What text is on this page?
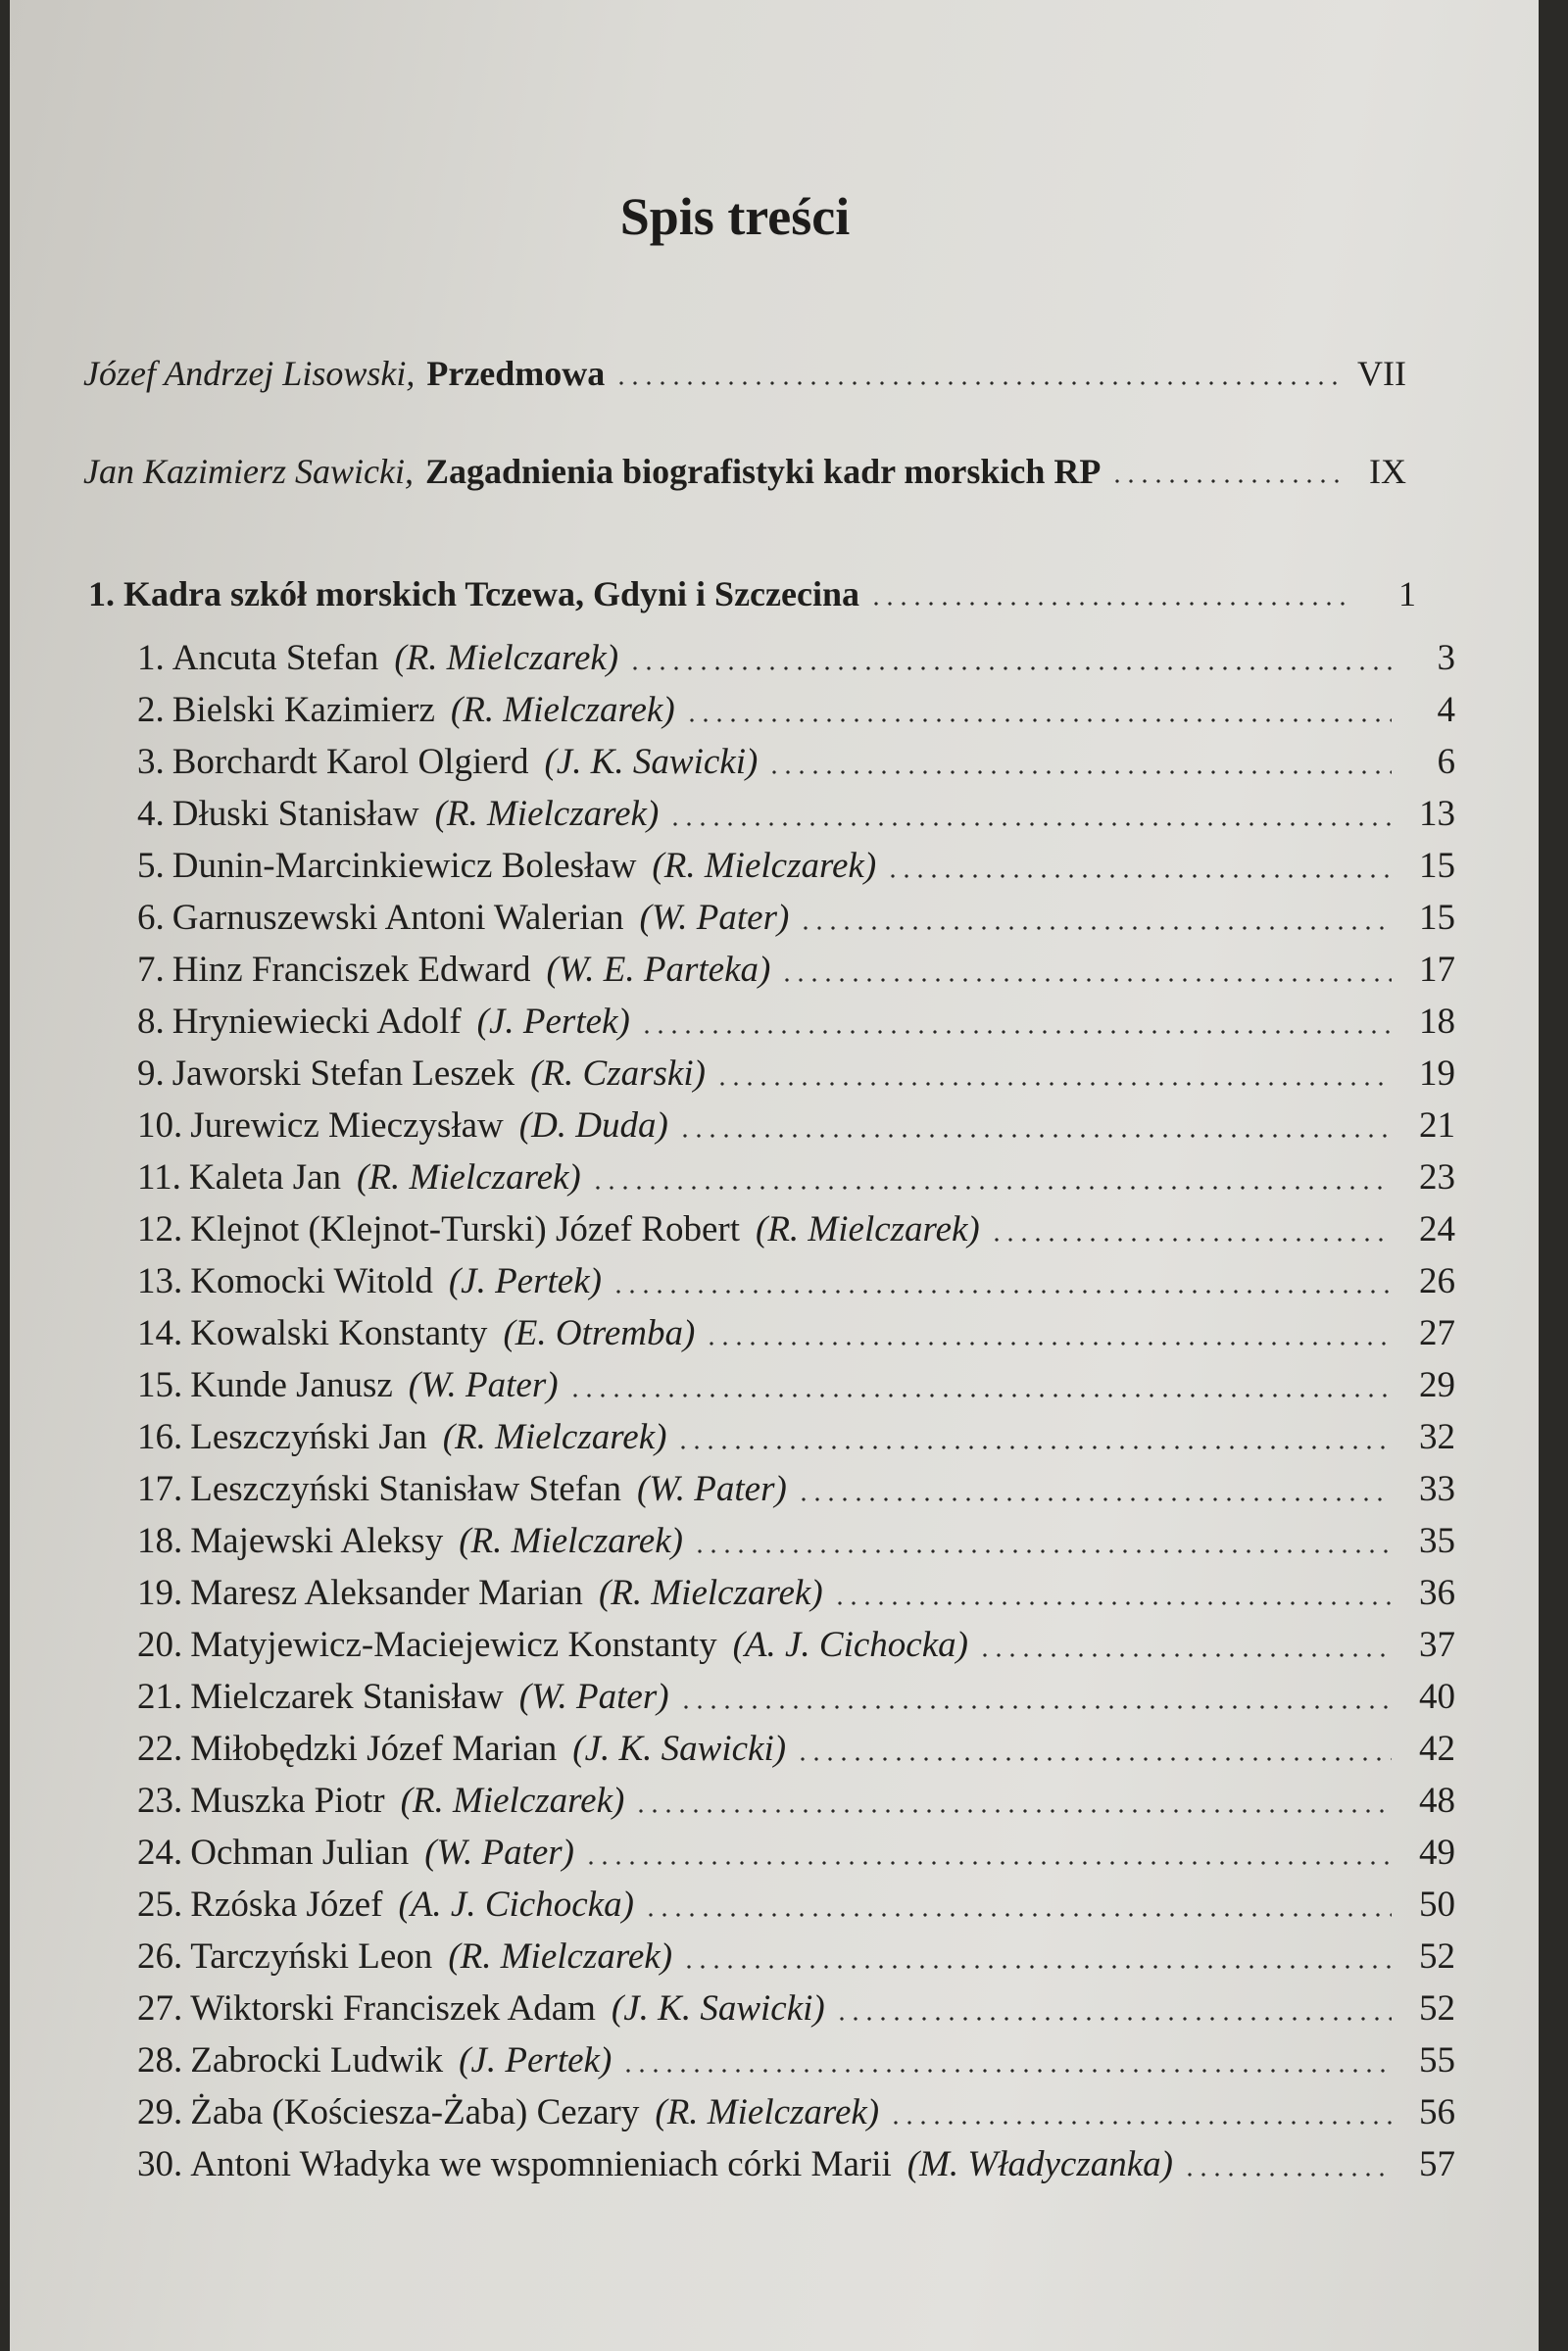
Spis treści
Józef Andrzej Lisowski, Przedmowa	VII
Jan Kazimierz Sawicki, Zagadnienia biografistyki kadr morskich RP	IX
1. Kadra szkół morskich Tczewa, Gdyni i Szczecina	1
1. Ancuta Stefan (R. Mielczarek)	3
2. Bielski Kazimierz (R. Mielczarek)	4
3. Borchardt Karol Olgierd (J. K. Sawicki)	6
4. Dłuski Stanisław (R. Mielczarek)	13
5. Dunin-Marcinkiewicz Bolesław (R. Mielczarek)	15
6. Garnuszewski Antoni Walerian (W. Pater)	15
7. Hinz Franciszek Edward (W. E. Parteka)	17
8. Hryniewiecki Adolf (J. Pertek)	18
9. Jaworski Stefan Leszek (R. Czarski)	19
10. Jurewicz Mieczysław (D. Duda)	21
11. Kaleta Jan (R. Mielczarek)	23
12. Klejnot (Klejnot-Turski) Józef Robert (R. Mielczarek)	24
13. Komocki Witold (J. Pertek)	26
14. Kowalski Konstanty (E. Otremba)	27
15. Kunde Janusz (W. Pater)	29
16. Leszczyński Jan (R. Mielczarek)	32
17. Leszczyński Stanisław Stefan (W. Pater)	33
18. Majewski Aleksy (R. Mielczarek)	35
19. Maresz Aleksander Marian (R. Mielczarek)	36
20. Matyjewicz-Maciejewicz Konstanty (A. J. Cichocka)	37
21. Mielczarek Stanisław (W. Pater)	40
22. Miłobędzki Józef Marian (J. K. Sawicki)	42
23. Muszka Piotr (R. Mielczarek)	48
24. Ochman Julian (W. Pater)	49
25. Rzóska Józef (A. J. Cichocka)	50
26. Tarczyński Leon (R. Mielczarek)	52
27. Wiktorski Franciszek Adam (J. K. Sawicki)	52
28. Zabrocki Ludwik (J. Pertek)	55
29. Żaba (Kościesza-Żaba) Cezary (R. Mielczarek)	56
30. Antoni Władyka we wspomnieniach córki Marii (M. Władyczanka)	57
